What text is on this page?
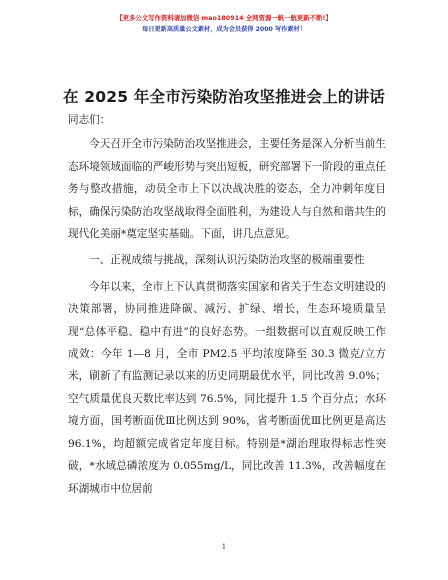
【更多公文写作资料请加微信 mao180914 全网资源一帆一航更新不断!】
每日更新高质量公文素材，成为会员获得 2000 写作素材！
在 2025 年全市污染防治攻坚推进会上的讲话

同志们：

今天召开全市污染防治攻坚推进会，主要任务是深入分析当前生态环境领域面临的严峻形势与突出短板，研究部署下一阶段的重点任务与整改措施，动员全市上下以决战决胜的姿态，全力冲刺年度目标，确保污染防治攻坚战取得全面胜利，为建设人与自然和谐共生的现代化美丽*奠定坚实基础。下面，讲几点意见。

一、正视成绩与挑战，深刻认识污染防治攻坚的极端重要性

今年以来，全市上下认真贯彻落实国家和省关于生态文明建设的决策部署，协同推进降碳、减污、扩绿、增长，生态环境质量呈现“总体平稳、稳中有进”的良好态势。一组数据可以直观反映工作成效：今年 1—8 月，全市 PM2.5 平均浓度降至 30.3 微克/立方米，刷新了有监测记录以来的历史同期最优水平，同比改善 9.0%；空气质量优良天数比率达到 76.5%，同比提升 1.5 个百分点；水环境方面，国考断面优Ⅲ比例达到 90%，省考断面优Ⅲ比例更是高达 96.1%，均超额完成省定年度目标。特别是*湖治理取得标志性突破，*水域总磷浓度为 0.055mg/L，同比改善 11.3%，改善幅度在环湖城市中位居前

1
